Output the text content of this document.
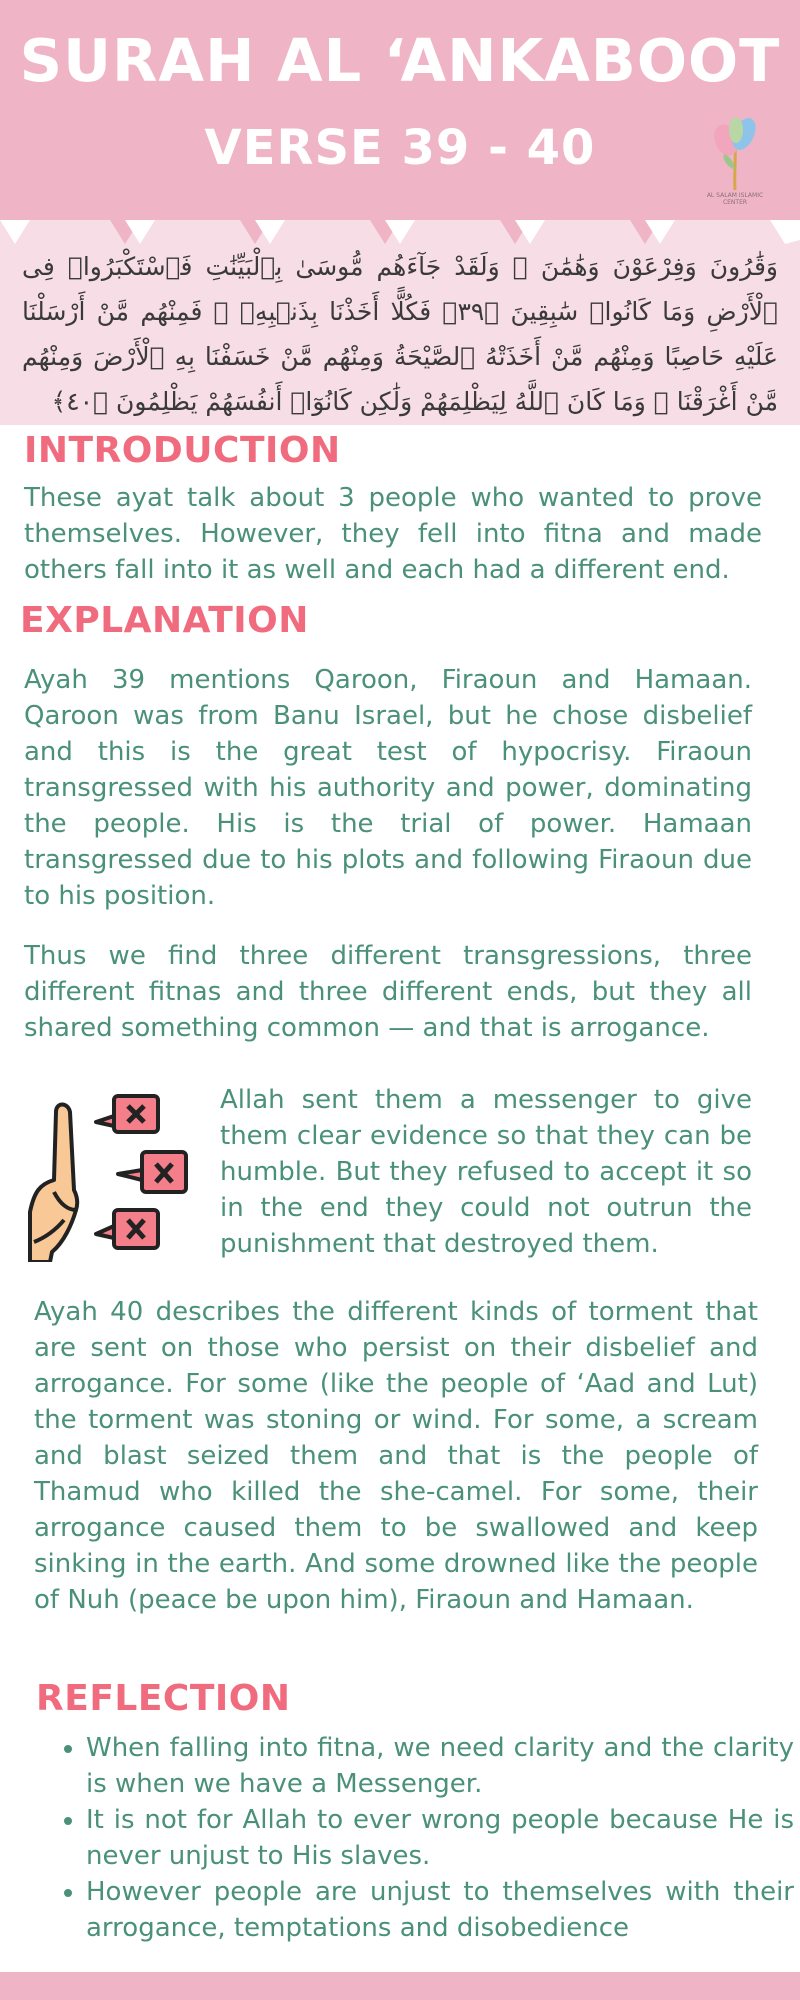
SURAH AL ‘ANKABOOT
VERSE 39 - 40
AL SALAM ISLAMIC CENTER
وَقَٰرُونَ وَفِرْعَوْنَ وَهَٰمَٰنَ ۖ وَلَقَدْ جَآءَهُم مُّوسَىٰ بِٱلْبَيِّنَٰتِ فَٱسْتَكْبَرُوا۟ فِى ٱلْأَرْضِ وَمَا كَانُوا۟ سَٰبِقِينَ ﴿٣٩﴾ فَكُلًّا أَخَذْنَا بِذَنۢبِهِۦ ۖ فَمِنْهُم مَّنْ أَرْسَلْنَا عَلَيْهِ حَاصِبًا وَمِنْهُم مَّنْ أَخَذَتْهُ ٱلصَّيْحَةُ وَمِنْهُم مَّنْ خَسَفْنَا بِهِ ٱلْأَرْضَ وَمِنْهُم مَّنْ أَغْرَقْنَا ۚ وَمَا كَانَ ٱللَّهُ لِيَظْلِمَهُمْ وَلَٰكِن كَانُوٓا۟ أَنفُسَهُمْ يَظْلِمُونَ ﴿٤٠﴾
INTRODUCTION

These ayat talk about 3 people who wanted to prove themselves. However, they fell into fitna and made others fall into it as well and each had a different end.

EXPLANATION

Ayah 39 mentions Qaroon, Firaoun and Hamaan. Qaroon was from Banu Israel, but he chose disbelief and this is the great test of hypocrisy. Firaoun transgressed with his authority and power, dominating the people. His is the trial of power. Hamaan transgressed due to his plots and following Firaoun due to his position.

Thus we find three different transgressions, three different fitnas and three different ends, but they all shared something common — and that is arrogance.

Allah sent them a messenger to give them clear evidence so that they can be humble. But they refused to accept it so in the end they could not outrun the punishment that destroyed them.

Ayah 40 describes the different kinds of torment that are sent on those who persist on their disbelief and arrogance. For some (like the people of ‘Aad and Lut) the torment was stoning or wind. For some, a scream and blast seized them and that is the people of Thamud who killed the she-camel. For some, their arrogance caused them to be swallowed and keep sinking in the earth. And some drowned like the people of Nuh (peace be upon him), Firaoun and Hamaan.

REFLECTION
• When falling into fitna, we need clarity and the clarity is when we have a Messenger.
• It is not for Allah to ever wrong people because He is never unjust to His slaves.
• However people are unjust to themselves with their arrogance, temptations and disobedience
